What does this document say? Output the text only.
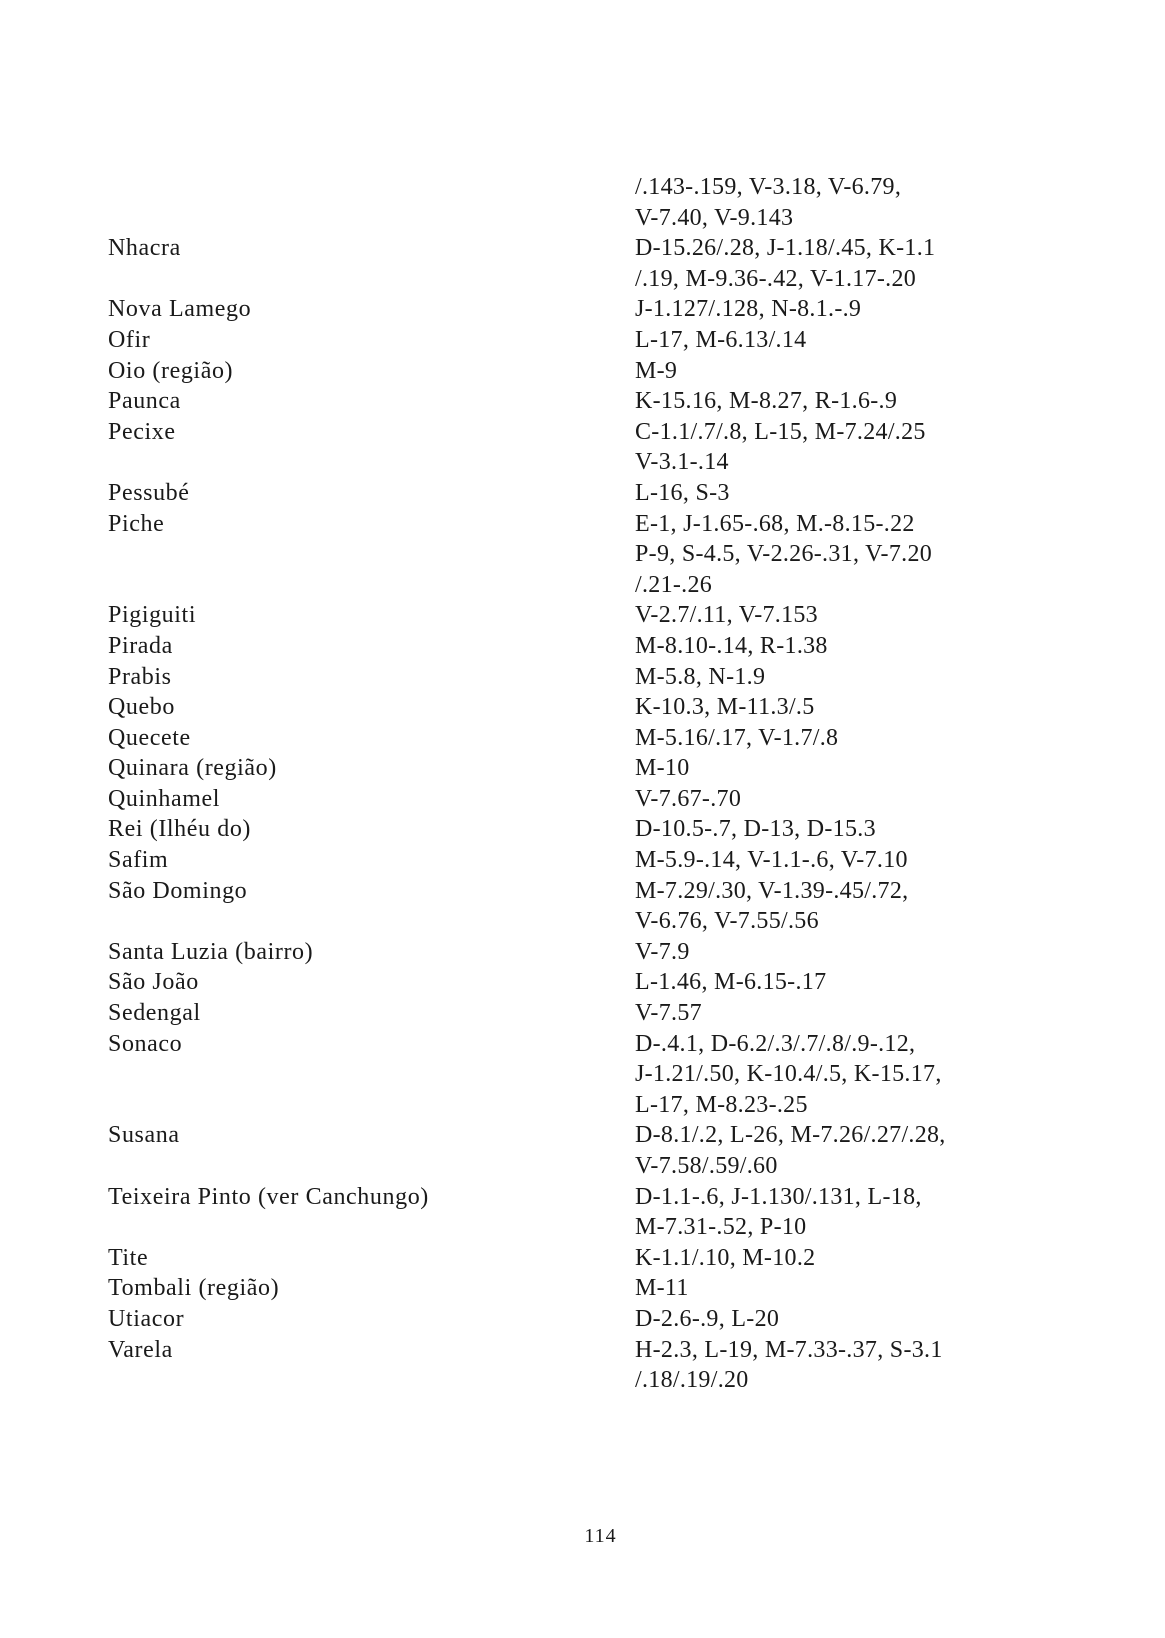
/.143-.159, V-3.18, V-6.79,
V-7.40, V-9.143
Nhacra	D-15.26/.28, J-1.18/.45, K-1.1
/.19, M-9.36-.42, V-1.17-.20
Nova Lamego	J-1.127/.128, N-8.1.-.9
Ofir	L-17, M-6.13/.14
Oio (região)	M-9
Paunca	K-15.16, M-8.27, R-1.6-.9
Pecixe	C-1.1/.7/.8, L-15, M-7.24/.25
V-3.1-.14
Pessubé	L-16, S-3
Piche	E-1, J-1.65-.68, M.-8.15-.22
P-9, S-4.5, V-2.26-.31, V-7.20
/.21-.26
Pigiguiti	V-2.7/.11, V-7.153
Pirada	M-8.10-.14, R-1.38
Prabis	M-5.8, N-1.9
Quebo	K-10.3, M-11.3/.5
Quecete	M-5.16/.17, V-1.7/.8
Quinara (região)	M-10
Quinhamel	V-7.67-.70
Rei (Ilhéu do)	D-10.5-.7, D-13, D-15.3
Safim	M-5.9-.14, V-1.1-.6, V-7.10
São Domingo	M-7.29/.30, V-1.39-.45/.72,
V-6.76, V-7.55/.56
Santa Luzia (bairro)	V-7.9
São João	L-1.46, M-6.15-.17
Sedengal	V-7.57
Sonaco	D-.4.1, D-6.2/.3/.7/.8/.9-.12,
J-1.21/.50, K-10.4/.5, K-15.17,
L-17, M-8.23-.25
Susana	D-8.1/.2, L-26, M-7.26/.27/.28,
V-7.58/.59/.60
Teixeira Pinto (ver Canchungo)	D-1.1-.6, J-1.130/.131, L-18,
M-7.31-.52, P-10
Tite	K-1.1/.10, M-10.2
Tombali (região)	M-11
Utiacor	D-2.6-.9, L-20
Varela	H-2.3, L-19, M-7.33-.37, S-3.1
/.18/.19/.20
114
